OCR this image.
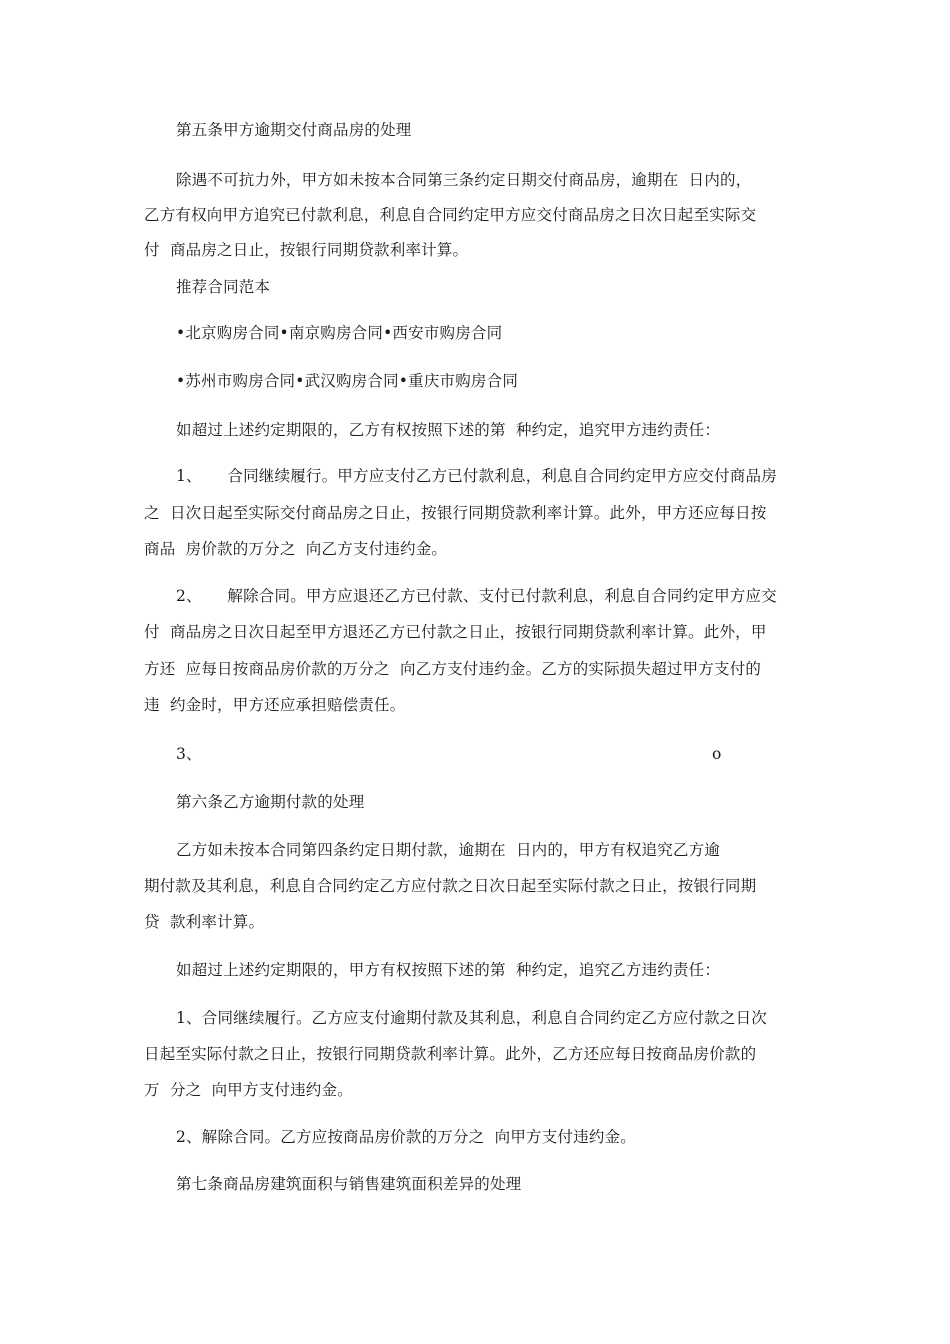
第五条甲方逾期交付商品房的处理
除遇不可抗力外，甲方如未按本合同第三条约定日期交付商品房，逾期在  日内的，
乙方有权向甲方追究已付款利息，利息自合同约定甲方应交付商品房之日次日起至实际交
付  商品房之日止，按银行同期贷款利率计算。
推荐合同范本
•北京购房合同•南京购房合同•西安市购房合同
•苏州市购房合同•武汉购房合同•重庆市购房合同
如超过上述约定期限的，乙方有权按照下述的第  种约定，追究甲方违约责任：
1、     合同继续履行。甲方应支付乙方已付款利息，利息自合同约定甲方应交付商品房
之  日次日起至实际交付商品房之日止，按银行同期贷款利率计算。此外，甲方还应每日按
商品  房价款的万分之  向乙方支付违约金。
2、     解除合同。甲方应退还乙方已付款、支付已付款利息，利息自合同约定甲方应交
付  商品房之日次日起至甲方退还乙方已付款之日止，按银行同期贷款利率计算。此外，甲
方还  应每日按商品房价款的万分之  向乙方支付违约金。乙方的实际损失超过甲方支付的
违  约金时，甲方还应承担赔偿责任。
3、	o
第六条乙方逾期付款的处理
乙方如未按本合同第四条约定日期付款，逾期在  日内的，甲方有权追究乙方逾
期付款及其利息，利息自合同约定乙方应付款之日次日起至实际付款之日止，按银行同期
贷  款利率计算。
如超过上述约定期限的，甲方有权按照下述的第  种约定，追究乙方违约责任：
1、合同继续履行。乙方应支付逾期付款及其利息，利息自合同约定乙方应付款之日次
日起至实际付款之日止，按银行同期贷款利率计算。此外，乙方还应每日按商品房价款的
万  分之  向甲方支付违约金。
2、解除合同。乙方应按商品房价款的万分之  向甲方支付违约金。
第七条商品房建筑面积与销售建筑面积差异的处理
